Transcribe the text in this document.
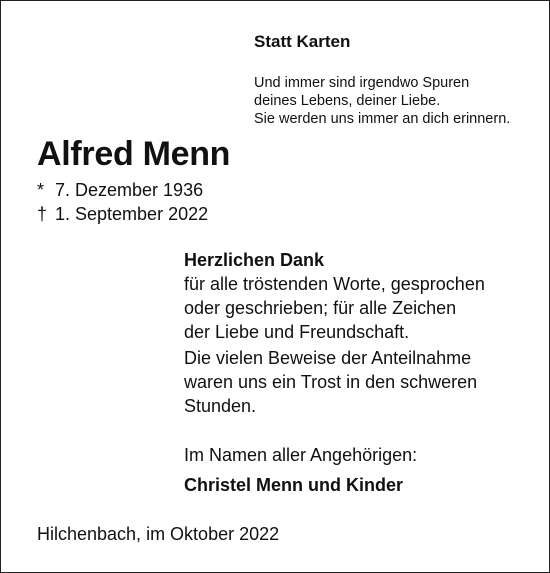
Statt Karten
Und immer sind irgendwo Spuren
deines Lebens, deiner Liebe.
Sie werden uns immer an dich erinnern.
Alfred Menn
* 7. Dezember 1936
† 1. September 2022
Herzlichen Dank
für alle tröstenden Worte, gesprochen
oder geschrieben; für alle Zeichen
der Liebe und Freundschaft.
Die vielen Beweise der Anteilnahme
waren uns ein Trost in den schweren
Stunden.
Im Namen aller Angehörigen:
Christel Menn und Kinder
Hilchenbach, im Oktober 2022
